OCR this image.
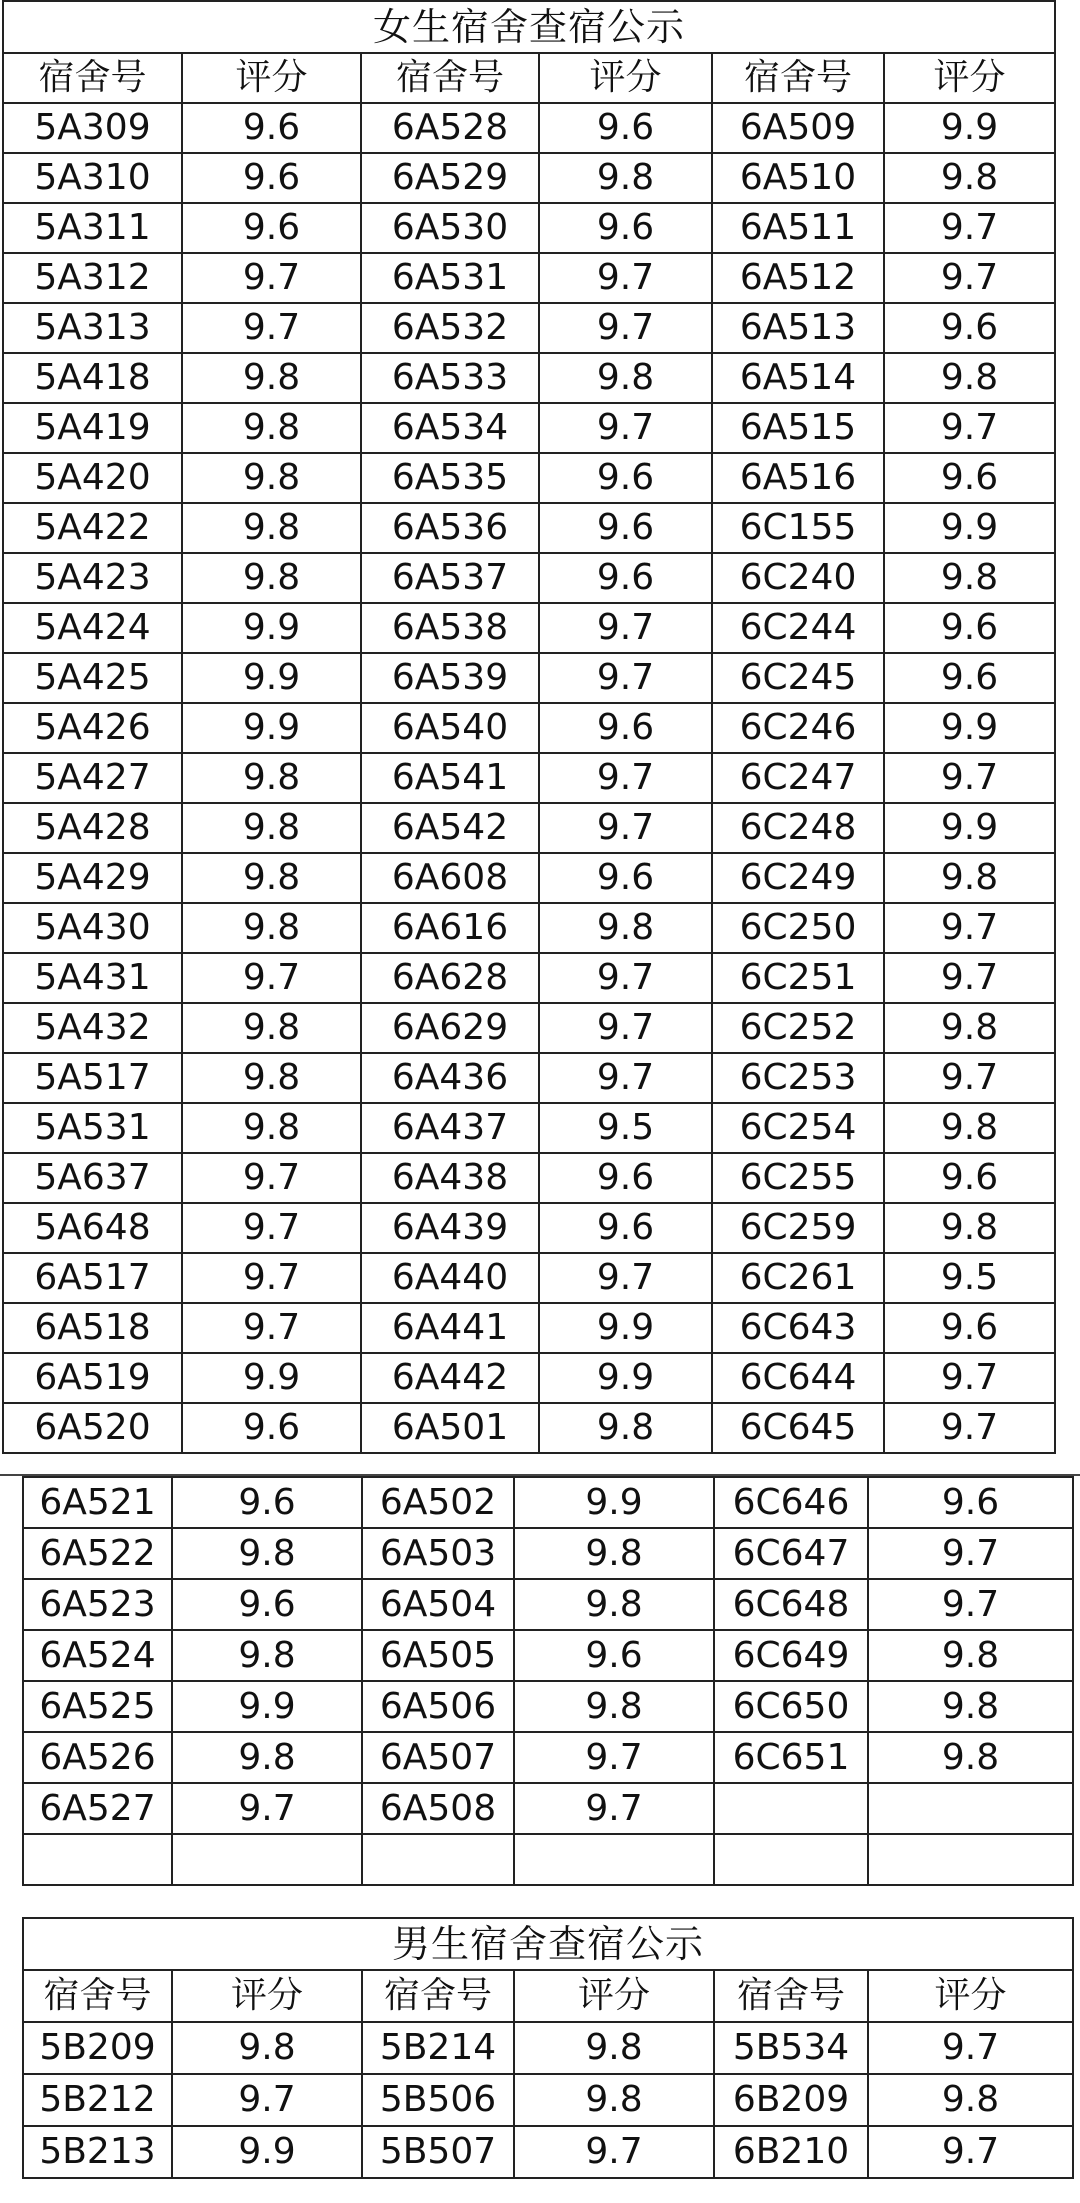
女生宿舍查宿公示					
宿舍号	评分	宿舍号	评分	宿舍号	评分
5A309	9.6	6A528	9.6	6A509	9.9
5A310	9.6	6A529	9.8	6A510	9.8
5A311	9.6	6A530	9.6	6A511	9.7
5A312	9.7	6A531	9.7	6A512	9.7
5A313	9.7	6A532	9.7	6A513	9.6
5A418	9.8	6A533	9.8	6A514	9.8
5A419	9.8	6A534	9.7	6A515	9.7
5A420	9.8	6A535	9.6	6A516	9.6
5A422	9.8	6A536	9.6	6C155	9.9
5A423	9.8	6A537	9.6	6C240	9.8
5A424	9.9	6A538	9.7	6C244	9.6
5A425	9.9	6A539	9.7	6C245	9.6
5A426	9.9	6A540	9.6	6C246	9.9
5A427	9.8	6A541	9.7	6C247	9.7
5A428	9.8	6A542	9.7	6C248	9.9
5A429	9.8	6A608	9.6	6C249	9.8
5A430	9.8	6A616	9.8	6C250	9.7
5A431	9.7	6A628	9.7	6C251	9.7
5A432	9.8	6A629	9.7	6C252	9.8
5A517	9.8	6A436	9.7	6C253	9.7
5A531	9.8	6A437	9.5	6C254	9.8
5A637	9.7	6A438	9.6	6C255	9.6
5A648	9.7	6A439	9.6	6C259	9.8
6A517	9.7	6A440	9.7	6C261	9.5
6A518	9.7	6A441	9.9	6C643	9.6
6A519	9.9	6A442	9.9	6C644	9.7
6A520	9.6	6A501	9.8	6C645	9.7
6A521	9.6	6A502	9.9	6C646	9.6
6A522	9.8	6A503	9.8	6C647	9.7
6A523	9.6	6A504	9.8	6C648	9.7
6A524	9.8	6A505	9.6	6C649	9.8
6A525	9.9	6A506	9.8	6C650	9.8
6A526	9.8	6A507	9.7	6C651	9.8
6A527	9.7	6A508	9.7		

男生宿舍查宿公示					
宿舍号	评分	宿舍号	评分	宿舍号	评分
5B209	9.8	5B214	9.8	5B534	9.7
5B212	9.7	5B506	9.8	6B209	9.8
5B213	9.9	5B507	9.7	6B210	9.7
